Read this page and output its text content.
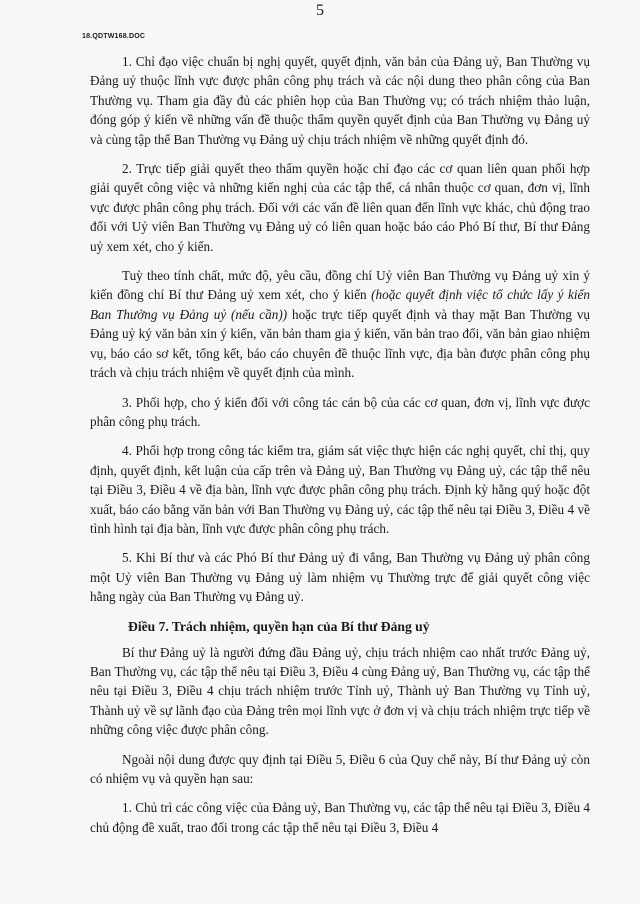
5
18.QDTW168.DOC

1. Chỉ đạo việc chuẩn bị nghị quyết, quyết định, văn bản của Đảng uỷ, Ban Thường vụ Đảng uỷ thuộc lĩnh vực được phân công phụ trách và các nội dung theo phân công của Ban Thường vụ. Tham gia đầy đủ các phiên họp của Ban Thường vụ; có trách nhiệm thảo luận, đóng góp ý kiến về những vấn đề thuộc thẩm quyền quyết định của Ban Thường vụ Đảng uỷ và cùng tập thể Ban Thường vụ Đảng uỷ chịu trách nhiệm về những quyết định đó.

2. Trực tiếp giải quyết theo thẩm quyền hoặc chỉ đạo các cơ quan liên quan phối hợp giải quyết công việc và những kiến nghị của các tập thể, cá nhân thuộc cơ quan, đơn vị, lĩnh vực được phân công phụ trách. Đối với các vấn đề liên quan đến lĩnh vực khác, chủ động trao đổi với Uỷ viên Ban Thường vụ Đảng uỷ có liên quan hoặc báo cáo Phó Bí thư, Bí thư Đảng uỷ xem xét, cho ý kiến.

Tuỳ theo tính chất, mức độ, yêu cầu, đồng chí Uỷ viên Ban Thường vụ Đảng uỷ xin ý kiến đồng chí Bí thư Đảng uỷ xem xét, cho ý kiến (hoặc quyết định việc tổ chức lấy ý kiến Ban Thường vụ Đảng uỷ (nếu cần)) hoặc trực tiếp quyết định và thay mặt Ban Thường vụ Đảng uỷ ký văn bản xin ý kiến, văn bản tham gia ý kiến, văn bản trao đổi, văn bản giao nhiệm vụ, báo cáo sơ kết, tổng kết, báo cáo chuyên đề thuộc lĩnh vực, địa bàn được phân công phụ trách và chịu trách nhiệm về quyết định của mình.

3. Phối hợp, cho ý kiến đối với công tác cán bộ của các cơ quan, đơn vị, lĩnh vực được phân công phụ trách.

4. Phối hợp trong công tác kiểm tra, giám sát việc thực hiện các nghị quyết, chỉ thị, quy định, quyết định, kết luận của cấp trên và Đảng uỷ, Ban Thường vụ Đảng uỷ, các tập thể nêu tại Điều 3, Điều 4 về địa bàn, lĩnh vực được phân công phụ trách. Định kỳ hằng quý hoặc đột xuất, báo cáo bằng văn bản với Ban Thường vụ Đảng uỷ, các tập thể nêu tại Điều 3, Điều 4 về tình hình tại địa bàn, lĩnh vực được phân công phụ trách.

5. Khi Bí thư và các Phó Bí thư Đảng uỷ đi vắng, Ban Thường vụ Đảng uỷ phân công một Uỷ viên Ban Thường vụ Đảng uỷ làm nhiệm vụ Thường trực để giải quyết công việc hằng ngày của Ban Thường vụ Đảng uỷ.

Điều 7. Trách nhiệm, quyền hạn của Bí thư Đảng uỷ

Bí thư Đảng uỷ là người đứng đầu Đảng uỷ, chịu trách nhiệm cao nhất trước Đảng uỷ, Ban Thường vụ, các tập thể nêu tại Điều 3, Điều 4 cùng Đảng uỷ, Ban Thường vụ, các tập thể nêu tại Điều 3, Điều 4 chịu trách nhiệm trước Tỉnh uỷ, Thành uỷ Ban Thường vụ Tỉnh uỷ, Thành uỷ về sự lãnh đạo của Đảng trên mọi lĩnh vực ở đơn vị và chịu trách nhiệm trực tiếp về những công việc được phân công.

Ngoài nội dung được quy định tại Điều 5, Điều 6 của Quy chế này, Bí thư Đảng uỷ còn có nhiệm vụ và quyền hạn sau:

1. Chủ trì các công việc của Đảng uỷ, Ban Thường vụ, các tập thể nêu tại Điều 3, Điều 4 chủ động đề xuất, trao đổi trong các tập thể nêu tại Điều 3, Điều 4
